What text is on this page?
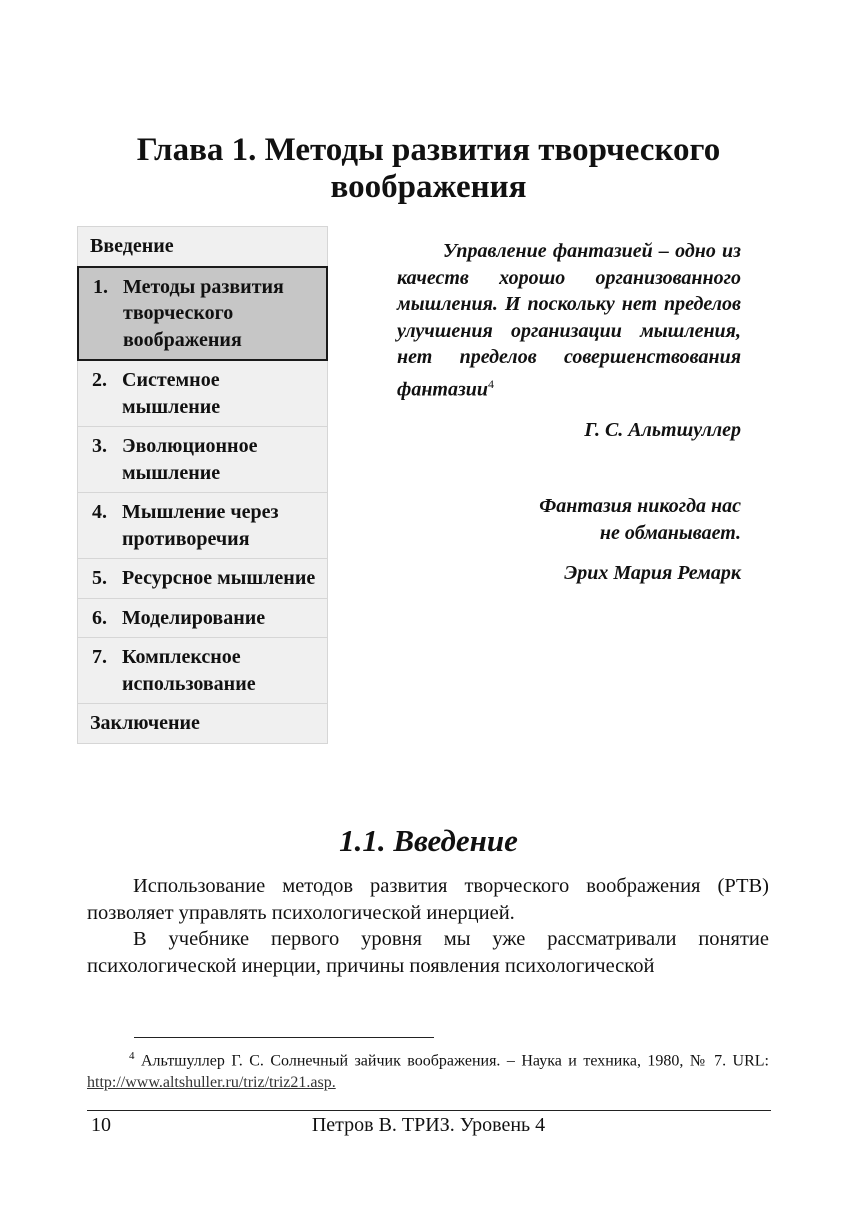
Глава 1. Методы развития творческого
воображения
Введение
1. Методы развития творческого воображения
2. Системное мышление
3. Эволюционное мышление
4. Мышление через противоречия
5. Ресурсное мышление
6. Моделирование
7. Комплексное использование
Заключение

Управление фантазией – одно из качеств хорошо организованного мышления. И поскольку нет пределов улучшения организации мышления, нет пределов совершенствования фантазии$^4$

Г. С. Альтшуллер
Фантазия никогда нас
не обманывает.
Эрих Мария Ремарк
1.1. Введение

Использование методов развития творческого воображения (РТВ) позволяет управлять психологической инерцией.

В учебнике первого уровня мы уже рассматривали понятие психологической инерции, причины появления психологической

$^4$ Альтшуллер Г. С. Солнечный зайчик воображения. – Наука и техника, 1980, № 7. URL: http://www.altshuller.ru/triz/triz21.asp.
10	Петров В. ТРИЗ. Уровень 4
